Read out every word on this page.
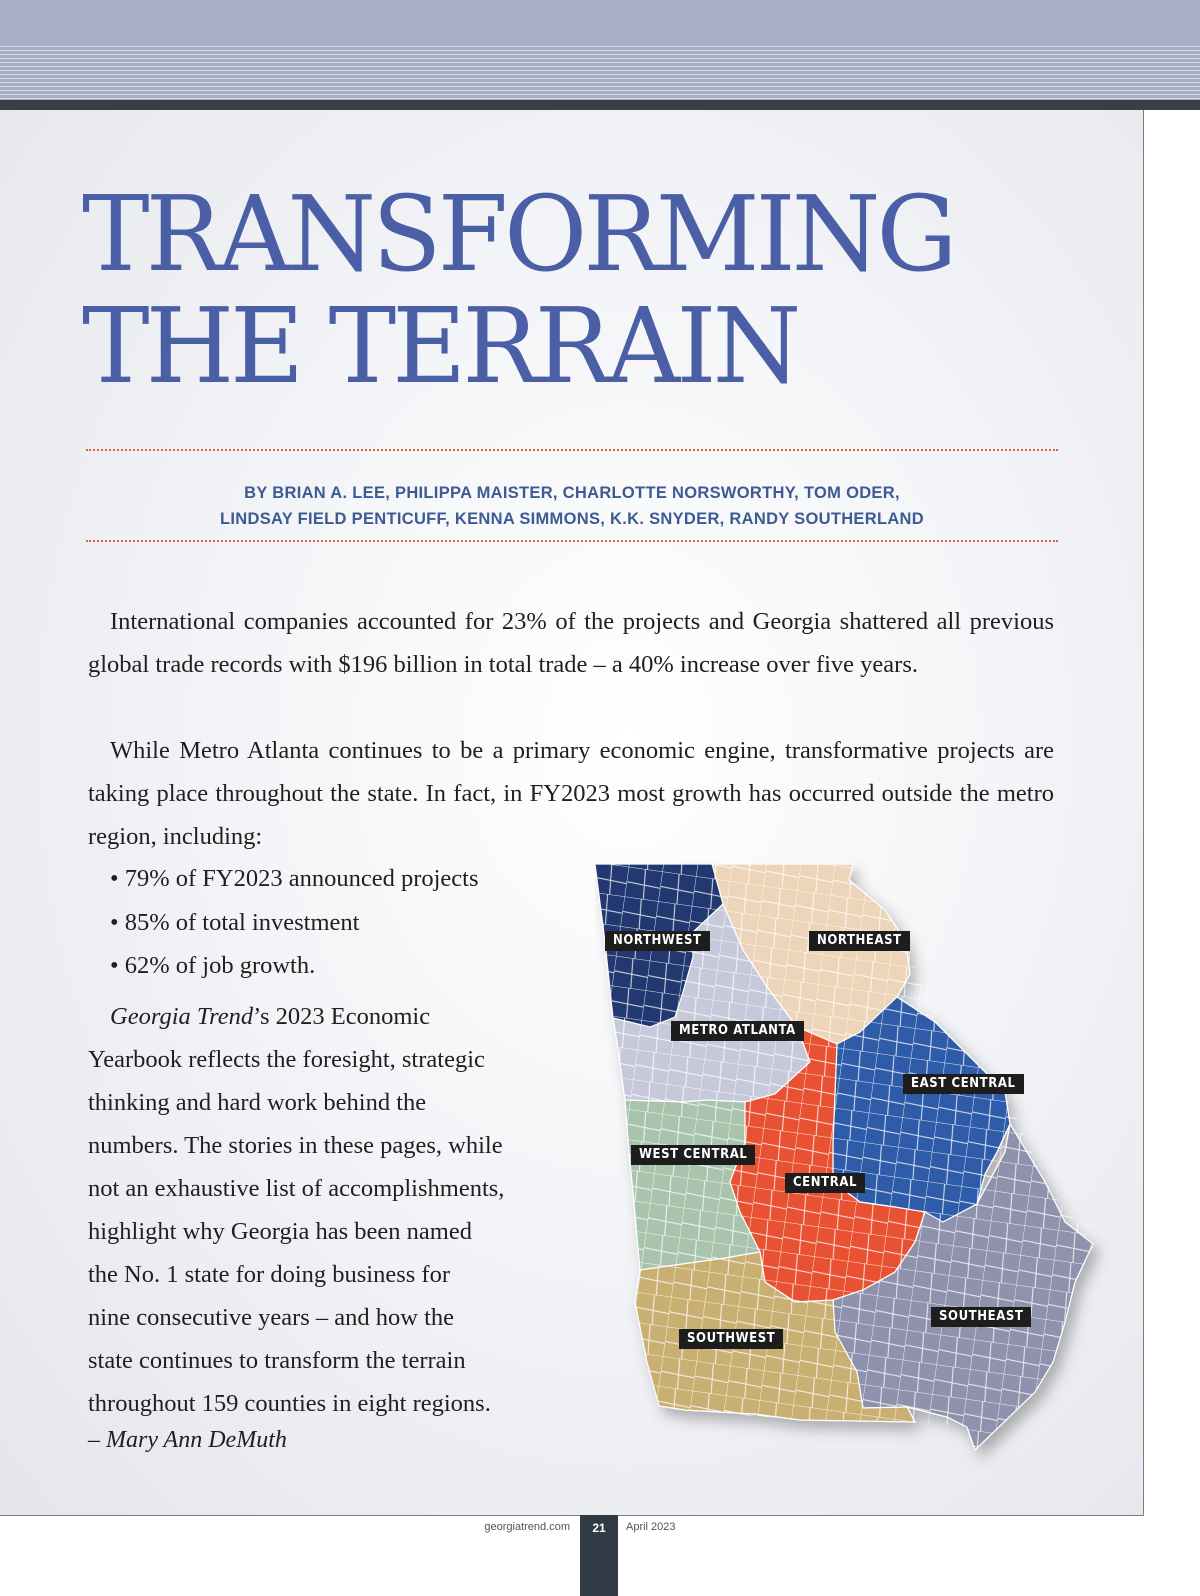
TRANSFORMING
THE TERRAIN
BY BRIAN A. LEE, PHILIPPA MAISTER, CHARLOTTE NORSWORTHY, TOM ODER,
LINDSAY FIELD PENTICUFF, KENNA SIMMONS, K.K. SNYDER, RANDY SOUTHERLAND

International companies accounted for 23% of the projects and Georgia shattered all previous global trade records with $196 billion in total trade – a 40% increase over five years.

While Metro Atlanta continues to be a primary economic engine, transformative projects are taking place throughout the state. In fact, in FY2023 most growth has occurred outside the metro region, including:

• 79% of FY2023 announced projects
• 85% of total investment
• 62% of job growth.
Georgia Trend’s 2023 Economic
Yearbook reflects the foresight, strategic
thinking and hard work behind the
numbers. The stories in these pages, while
not an exhaustive list of accomplishments,
highlight why Georgia has been named
the No. 1 state for doing business for
nine consecutive years – and how the
state continues to transform the terrain
throughout 159 counties in eight regions.
– Mary Ann DeMuth
NORTHWEST	NORTHEAST
METRO ATLANTA
EAST CENTRAL
WEST CENTRAL
CENTRAL
SOUTHEAST
SOUTHWEST
georgiatrend.com	21	April 2023
